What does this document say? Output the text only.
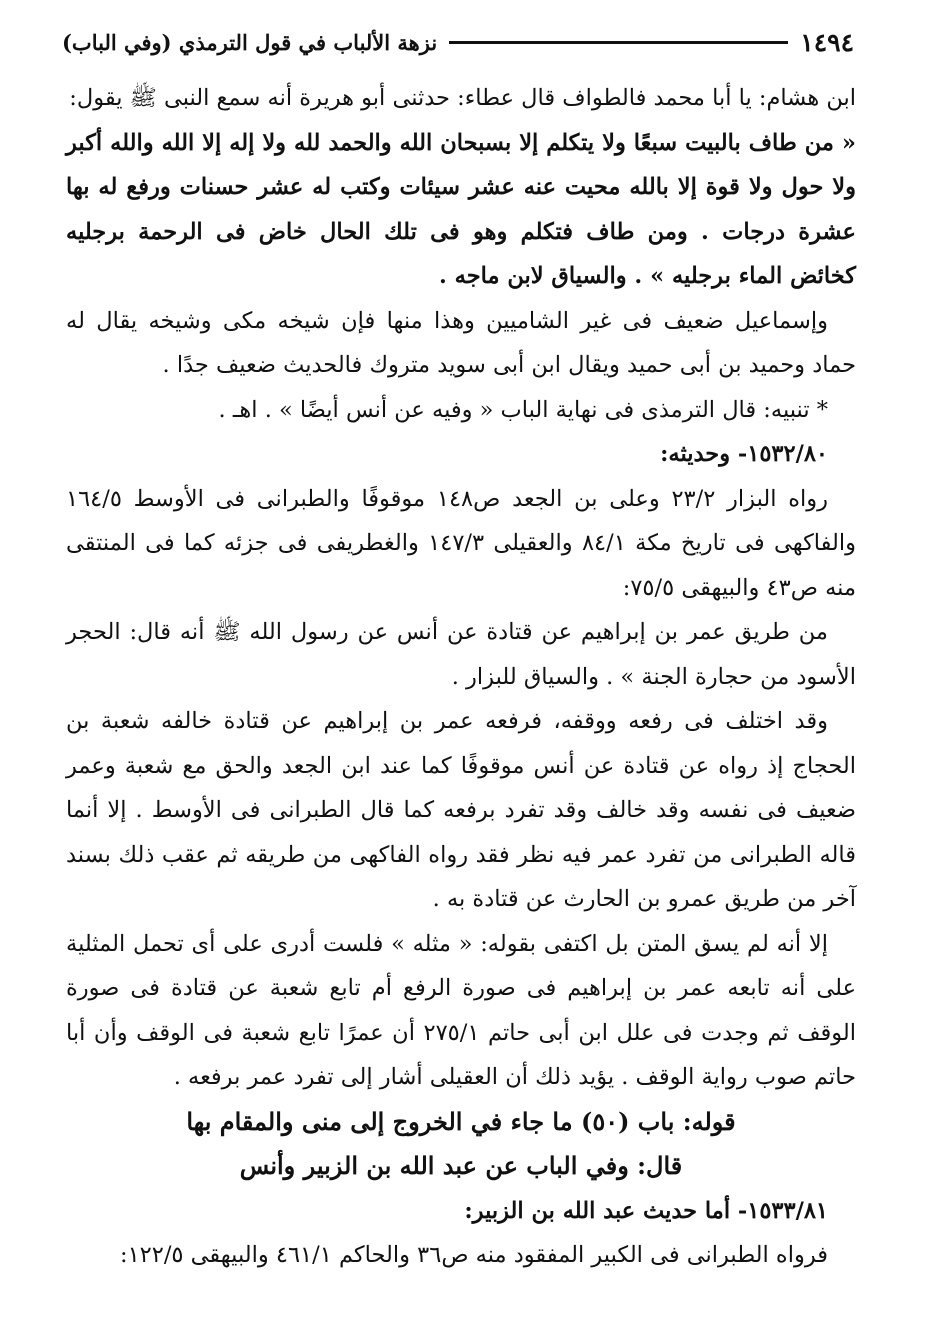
١٤٩٤
نزهة الألباب في قول الترمذي (وفي الباب)

ابن هشام: يا أبا محمد فالطواف قال عطاء: حدثنى أبو هريرة أنه سمع النبى ﷺ يقول:

« من طاف بالبيت سبعًا ولا يتكلم إلا بسبحان الله والحمد لله ولا إله إلا الله والله أكبر ولا حول ولا قوة إلا بالله محيت عنه عشر سيئات وكتب له عشر حسنات ورفع له بها عشرة درجات . ومن طاف فتكلم وهو فى تلك الحال خاض فى الرحمة برجليه كخائض الماء برجليه » . والسياق لابن ماجه .

وإسماعيل ضعيف فى غير الشاميين وهذا منها فإن شيخه مكى وشيخه يقال له حماد وحميد بن أبى حميد ويقال ابن أبى سويد متروك فالحديث ضعيف جدًا .

* تنبيه: قال الترمذى فى نهاية الباب « وفيه عن أنس أيضًا » . اهـ .

١٥٣٢/٨٠- وحديثه:

رواه البزار ٢٣/٢ وعلى بن الجعد ص١٤٨ موقوفًا والطبرانى فى الأوسط ١٦٤/٥ والفاكهى فى تاريخ مكة ٨٤/١ والعقيلى ١٤٧/٣ والغطريفى فى جزئه كما فى المنتقى منه ص٤٣ والبيهقى ٧٥/٥:

من طريق عمر بن إبراهيم عن قتادة عن أنس عن رسول الله ﷺ أنه قال: الحجر الأسود من حجارة الجنة » . والسياق للبزار .

وقد اختلف فى رفعه ووقفه، فرفعه عمر بن إبراهيم عن قتادة خالفه شعبة بن الحجاج إذ رواه عن قتادة عن أنس موقوفًا كما عند ابن الجعد والحق مع شعبة وعمر ضعيف فى نفسه وقد خالف وقد تفرد برفعه كما قال الطبرانى فى الأوسط . إلا أنما قاله الطبرانى من تفرد عمر فيه نظر فقد رواه الفاكهى من طريقه ثم عقب ذلك بسند آخر من طريق عمرو بن الحارث عن قتادة به .

إلا أنه لم يسق المتن بل اكتفى بقوله: « مثله » فلست أدرى على أى تحمل المثلية على أنه تابعه عمر بن إبراهيم فى صورة الرفع أم تابع شعبة عن قتادة فى صورة الوقف ثم وجدت فى علل ابن أبى حاتم ٢٧٥/١ أن عمرًا تابع شعبة فى الوقف وأن أبا حاتم صوب رواية الوقف . يؤيد ذلك أن العقيلى أشار إلى تفرد عمر برفعه .

قوله: باب (٥٠) ما جاء في الخروج إلى منى والمقام بها

قال: وفي الباب عن عبد الله بن الزبير وأنس

١٥٣٣/٨١- أما حديث عبد الله بن الزبير:

فرواه الطبرانى فى الكبير المفقود منه ص٣٦ والحاكم ٤٦١/١ والبيهقى ١٢٢/٥:
